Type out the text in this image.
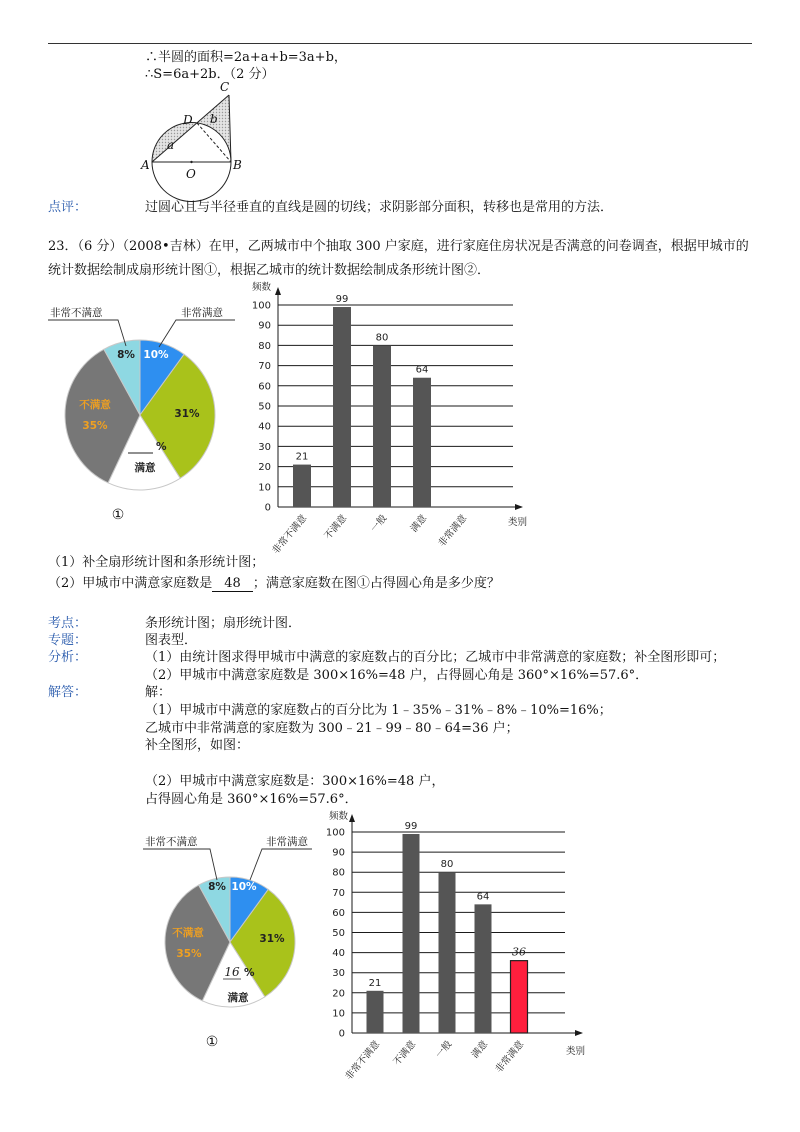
∴半圆的面积=2a+a+b=3a+b，
∴S=6a+2b．（2 分）
C
D
A	B
O
a
b
点评：	过圆心且与半径垂直的直线是圆的切线；求阴影部分面积，转移也是常用的方法．
23．（6 分）（2008•吉林）在甲，乙两城市中个抽取 300 户家庭，进行家庭住房状况是否满意的问卷调查，根据甲城市的
统计数据绘制成扇形统计图①，根据乙城市的统计数据绘制成条形统计图②．
非常不满意	非常满意
8% 10%
31%
不满意
35%
%
满意
①	0
10
20
30
40
50
60
70
80
90
100
21
非常不满意
99
不满意
80
一般
64
满意 非常满意
频数
类别
（1）补全扇形统计图和条形统计图；
（2）甲城市中满意家庭数是 48 ；满意家庭数在图①占得圆心角是多少度？
考点：	条形统计图；扇形统计图．
专题：	图表型．
分析：	（1）由统计图求得甲城市中满意的家庭数占的百分比；乙城市中非常满意的家庭数；补全图形即可；
（2）甲城市中满意家庭数是 300×16%=48 户，占得圆心角是 360°×16%=57.6°．
解答：	解：
（1）甲城市中满意的家庭数占的百分比为 1﹣35%﹣31%﹣8%﹣10%=16%；
乙城市中非常满意的家庭数为 300﹣21﹣99﹣80﹣64=36 户；
补全图形，如图：
（2）甲城市中满意家庭数是：300×16%=48 户，
占得圆心角是 360°×16%=57.6°．
非常不满意	非常满意
8% 10%
31%
不满意
35%
16 %
满意
①	0
10
20
30
40
50
60
70
80
90
100
21
非常不满意
99
不满意
80
一般
64
满意
36
非常满意
频数
类别
